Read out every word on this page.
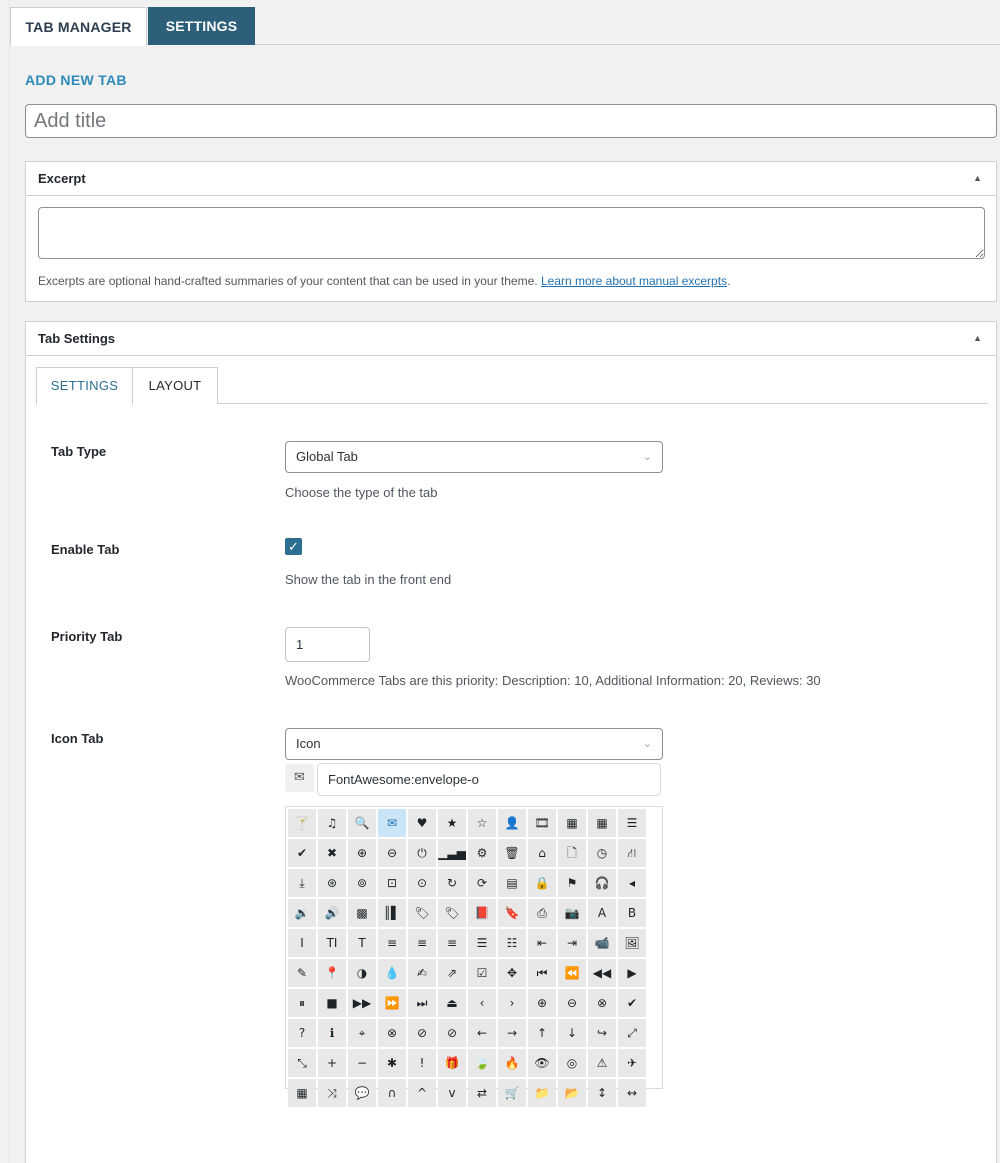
TAB MANAGER	SETTINGS
ADD NEW TAB
Add title
Excerpt	▲

Excerpts are optional hand-crafted summaries of your content that can be used in your theme. Learn more about manual excerpts.

Tab Settings	▲
SETTINGS	LAYOUT
Tab Type	Global Tab	⌄
Choose the type of the tab
Enable Tab	✓
Show the tab in the front end
Priority Tab
1
WooCommerce Tabs are this priority: Description: 10, Additional Information: 20, Reviews: 30
Icon Tab	Icon	⌄
✉
FontAwesome:envelope-o
🍸	♫	🔍	✉	♥	★	☆	👤	🎞	▦	▦	☰
✔	✖	⊕	⊖	⏻ ▁▃▅ ⚙	🗑	⌂	🗋	◷	⛙
⤓	⊛	⊚	⊡	⊙	↻	⟳	▤	🔒	⚑	🎧	◂
🔉	🔊	▩	║▌	🏷	🏷	📕	🔖	⎙	📷	A	B
I	TI	T	≡	≡	≡	☰	☷	⇤	⇥	📹	🖼
✎	📍	◑	💧	✍	⇗	☑	✥	⏮	⏪	◀◀	▶
⏸	■	▶▶	⏩	⏭	⏏	‹	›	⊕	⊖	⊗	✔
?	ℹ	⌖	⊗	⊘	⊘	←	→	↑	↓	↪	⤢
⤡	+	−	✱	!	🎁	🍃	🔥	👁	◎	⚠	✈
▦	⤨	💬	∩	^	v	⇄	🛒	📁	📂	↕	↔
